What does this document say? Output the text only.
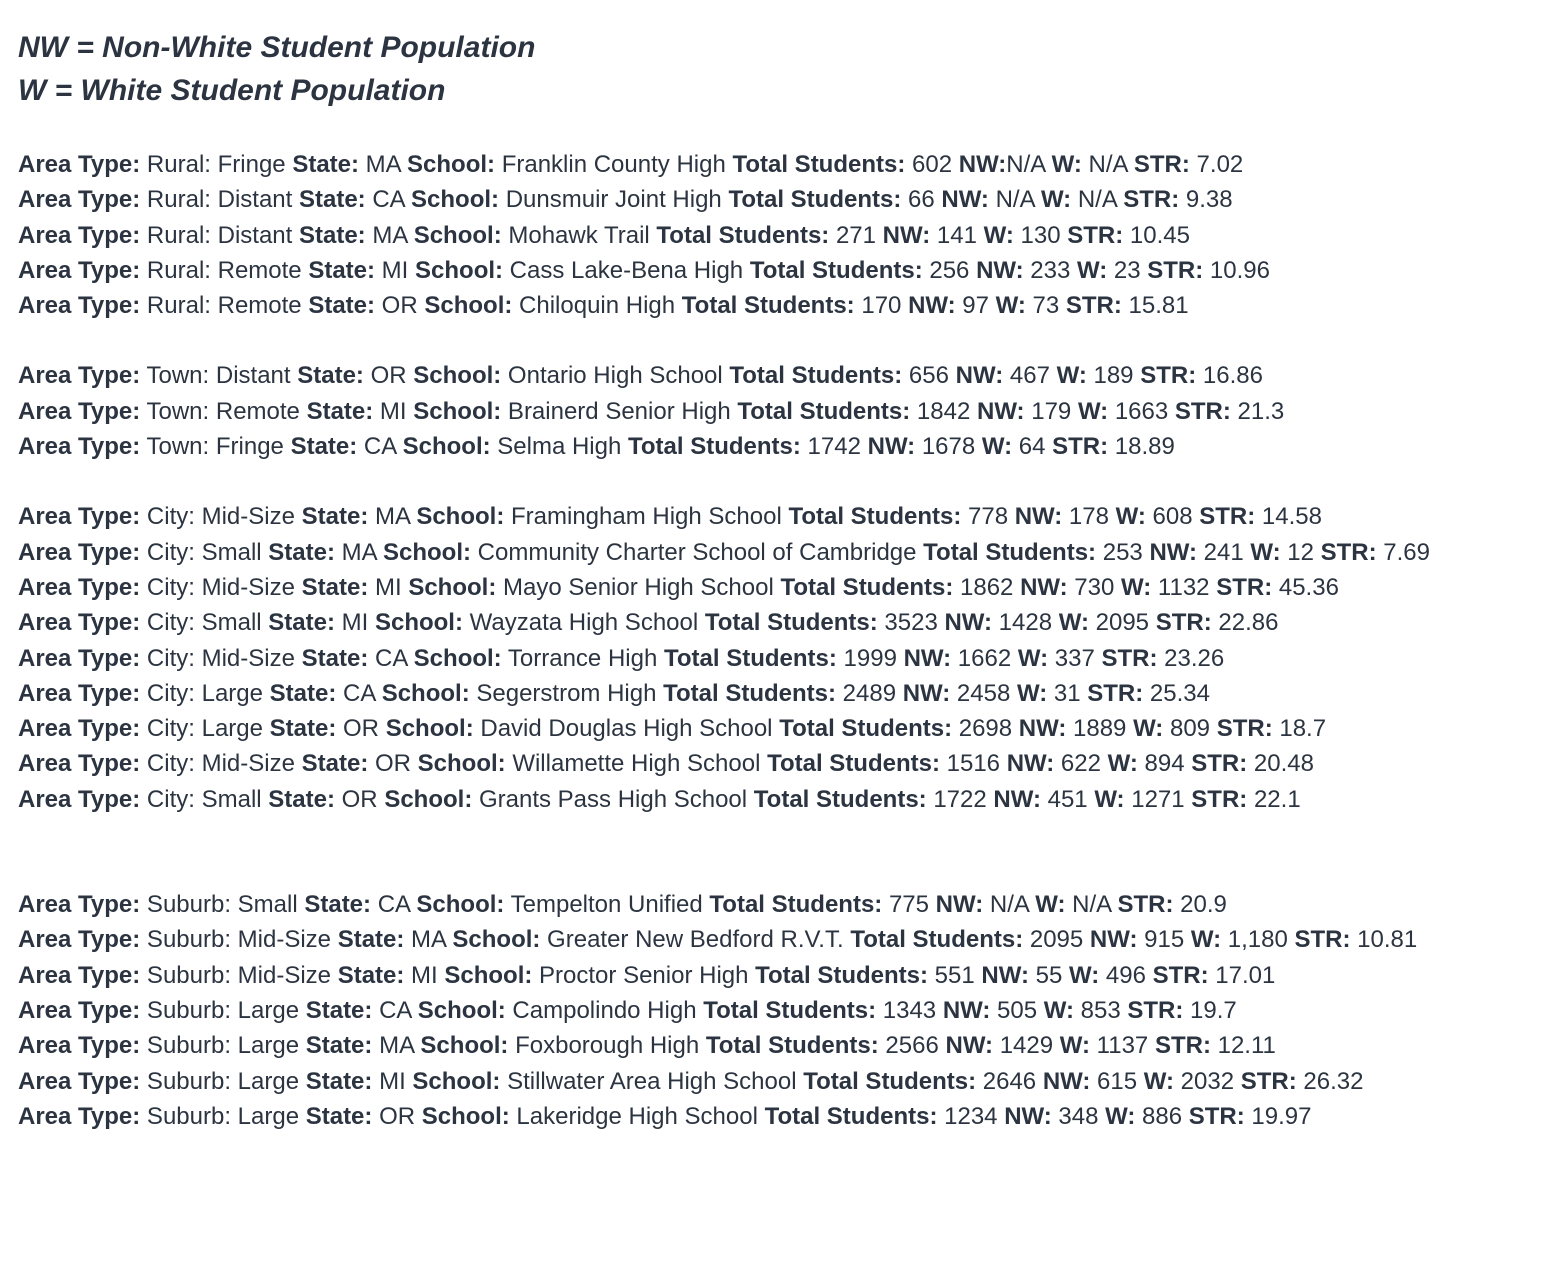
NW = Non-White Student Population

W = White Student Population

Area Type: Rural: Fringe State: MA School: Franklin County High Total Students: 602 NW:N/A W: N/A STR: 7.02

Area Type: Rural: Distant State: CA School: Dunsmuir Joint High Total Students: 66 NW: N/A W: N/A STR: 9.38

Area Type: Rural: Distant State: MA School: Mohawk Trail Total Students: 271 NW: 141 W: 130 STR: 10.45

Area Type: Rural: Remote State: MI School: Cass Lake-Bena High Total Students: 256 NW: 233 W: 23 STR: 10.96

Area Type: Rural: Remote State: OR School: Chiloquin High Total Students: 170 NW: 97 W: 73 STR: 15.81

Area Type: Town: Distant State: OR School: Ontario High School Total Students: 656 NW: 467 W: 189 STR: 16.86

Area Type: Town: Remote State: MI School: Brainerd Senior High Total Students: 1842 NW: 179 W: 1663 STR: 21.3

Area Type: Town: Fringe State: CA School: Selma High Total Students: 1742 NW: 1678 W: 64 STR: 18.89

Area Type: City: Mid-Size State: MA School: Framingham High School Total Students: 778 NW: 178 W: 608 STR: 14.58

Area Type: City: Small State: MA School: Community Charter School of Cambridge Total Students: 253 NW: 241 W: 12 STR: 7.69

Area Type: City: Mid-Size State: MI School: Mayo Senior High School Total Students: 1862 NW: 730 W: 1132 STR: 45.36

Area Type: City: Small State: MI School: Wayzata High School Total Students: 3523 NW: 1428 W: 2095 STR: 22.86

Area Type: City: Mid-Size State: CA School: Torrance High Total Students: 1999 NW: 1662 W: 337 STR: 23.26

Area Type: City: Large State: CA School: Segerstrom High Total Students: 2489 NW: 2458 W: 31 STR: 25.34

Area Type: City: Large State: OR School: David Douglas High School Total Students: 2698 NW: 1889 W: 809 STR: 18.7

Area Type: City: Mid-Size State: OR School: Willamette High School Total Students: 1516 NW: 622 W: 894 STR: 20.48

Area Type: City: Small State: OR School: Grants Pass High School Total Students: 1722 NW: 451 W: 1271 STR: 22.1

Area Type: Suburb: Small State: CA School: Tempelton Unified Total Students: 775 NW: N/A W: N/A STR: 20.9

Area Type: Suburb: Mid-Size State: MA School: Greater New Bedford R.V.T. Total Students: 2095 NW: 915 W: 1,180 STR: 10.81

Area Type: Suburb: Mid-Size State: MI School: Proctor Senior High Total Students: 551 NW: 55 W: 496 STR: 17.01

Area Type: Suburb: Large State: CA School: Campolindo High Total Students: 1343 NW: 505 W: 853 STR: 19.7

Area Type: Suburb: Large State: MA School: Foxborough High Total Students: 2566 NW: 1429 W: 1137 STR: 12.11

Area Type: Suburb: Large State: MI School: Stillwater Area High School Total Students: 2646 NW: 615 W: 2032 STR: 26.32

Area Type: Suburb: Large State: OR School: Lakeridge High School Total Students: 1234 NW: 348 W: 886 STR: 19.97
